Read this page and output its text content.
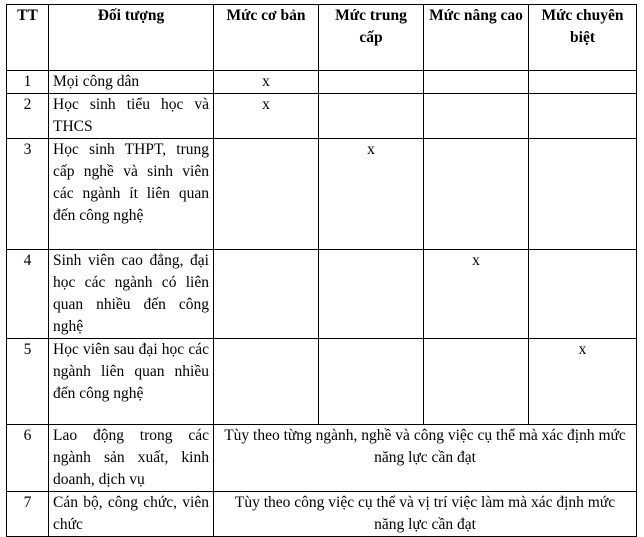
TT	Đối tượng	Mức cơ bản	Mức trung cấp	Mức nâng cao	Mức chuyên biệt
1	Mọi công dân	x			
2	Học sinh tiểu học và THCS	x			
3	Học sinh THPT, trung cấp nghề và sinh viên các ngành ít liên quan đến công nghệ		x		
4	Sinh viên cao đẳng, đại học các ngành có liên quan nhiều đến công nghệ			x	
5	Học viên sau đại học các ngành liên quan nhiều đến công nghệ				x
6	Lao động trong các ngành sản xuất, kinh doanh, dịch vụ	Tùy theo từng ngành, nghề và công việc cụ thể mà xác định mức năng lực cần đạt			
7	Cán bộ, công chức, viên chức	Tùy theo công việc cụ thể và vị trí việc làm mà xác định mức năng lực cần đạt			
